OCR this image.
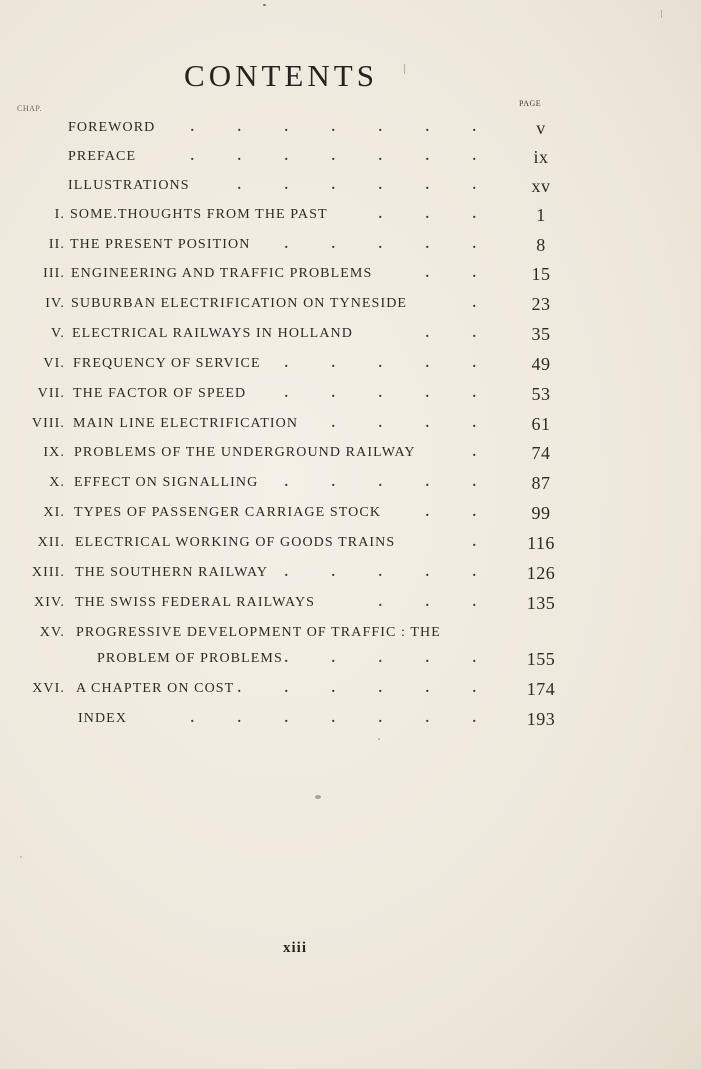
CONTENTS
CHAP.
PAGE
FOREWORD	. . . . . . .	v
PREFACE	. . . . . . .	ix
ILLUSTRATIONS	. . . . . .	xv
I. SOME.THOUGHTS FROM THE PAST	. . .	1
II. THE PRESENT POSITION . . . . .	8
III. ENGINEERING AND TRAFFIC PROBLEMS	. .	15
IV. SUBURBAN ELECTRIFICATION ON TYNESIDE	.	23
V. ELECTRICAL RAILWAYS IN HOLLAND	. .	35
VI. FREQUENCY OF SERVICE . . . . .	49
VII. THE FACTOR OF SPEED	. . . . .	53
VIII. MAIN LINE ELECTRIFICATION . . . .	61
IX. PROBLEMS OF THE UNDERGROUND RAILWAY	.	74
X. EFFECT ON SIGNALLING . . . . .	87
XI. TYPES OF PASSENGER CARRIAGE STOCK	. .	99
XII. ELECTRICAL WORKING OF GOODS TRAINS	.	116
XIII. THE SOUTHERN RAILWAY . . . . .	126
XIV. THE SWISS FEDERAL RAILWAYS	. . .	135
XV. PROGRESSIVE DEVELOPMENT OF TRAFFIC : THE
PROBLEM OF PROBLEMS . . . . .	155
XVI. A CHAPTER ON COST . . . . . .	174
INDEX	. . . . . . .	193
xiii
